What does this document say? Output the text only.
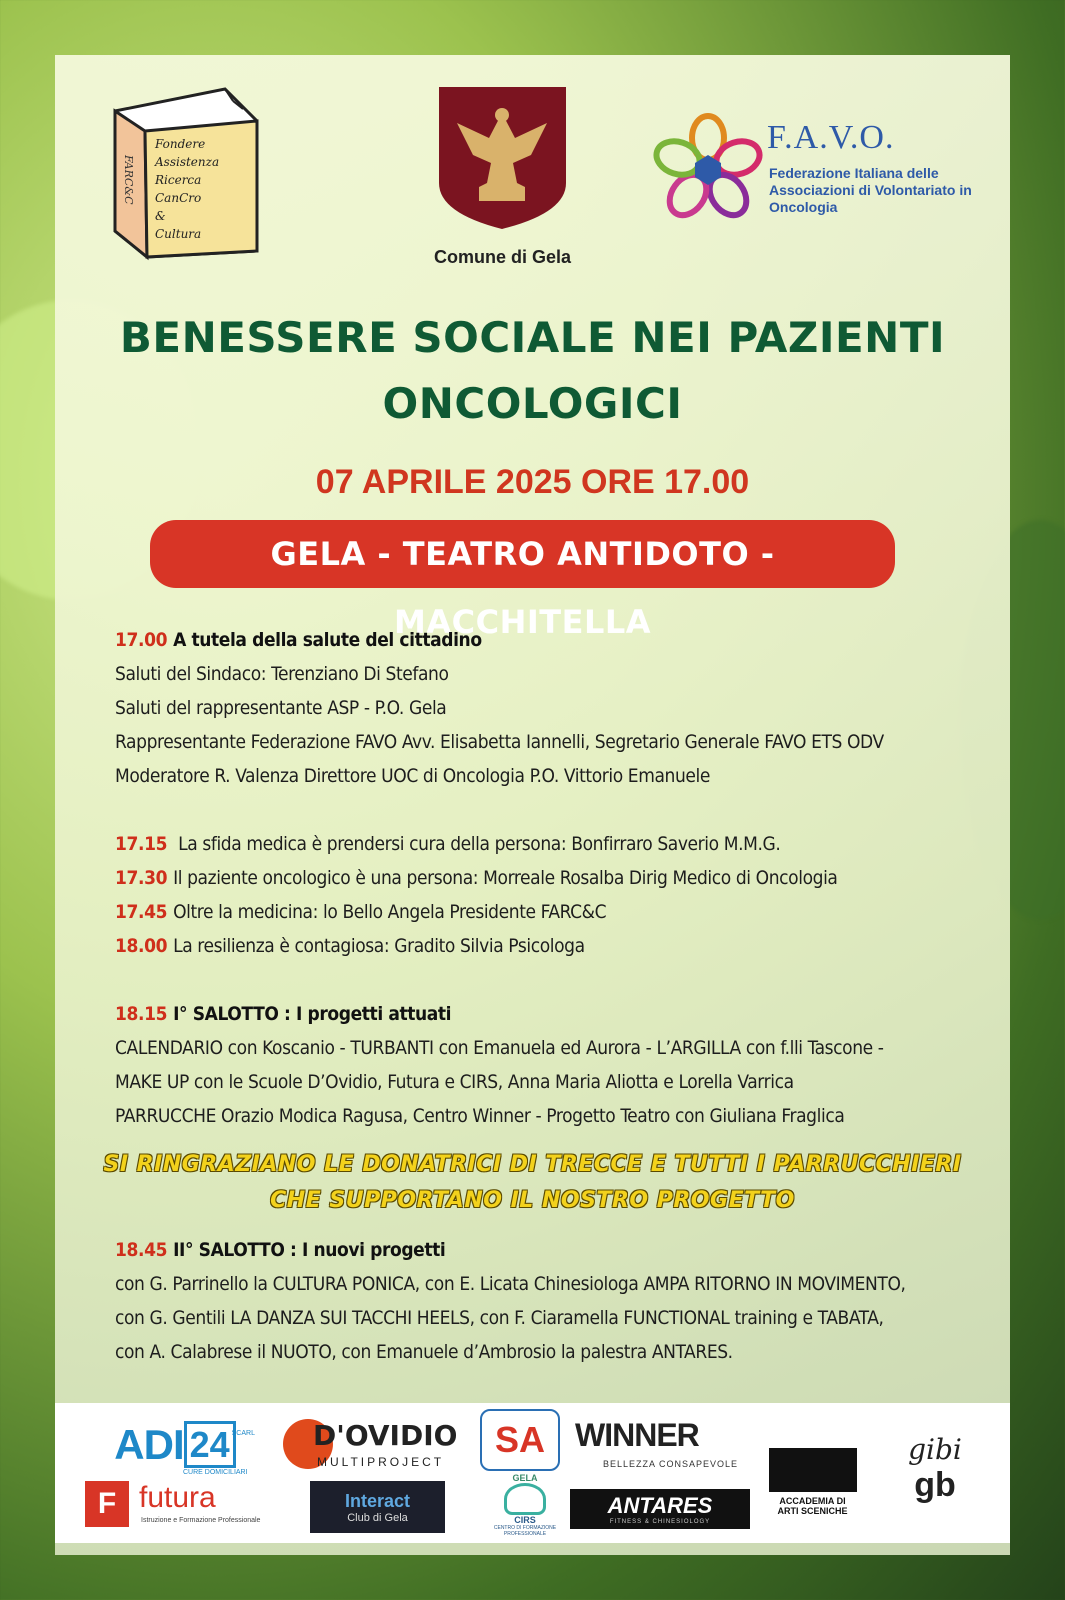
FARC&C
Fondere
Assistenza
Ricerca
CanCro
&
Cultura
Comune di Gela
F.A.V.O.
Federazione Italiana delle Associazioni di Volontariato in Oncologia
BENESSERE SOCIALE NEI PAZIENTI
ONCOLOGICI
07 APRILE 2025 ORE 17.00
GELA - TEATRO ANTIDOTO - MACCHITELLA
17.00 A tutela della salute del cittadino
Saluti del Sindaco: Terenziano Di Stefano
Saluti del rappresentante ASP - P.O. Gela
Rappresentante Federazione FAVO Avv. Elisabetta Iannelli, Segretario Generale FAVO ETS ODV
Moderatore R. Valenza Direttore UOC di Oncologia P.O. Vittorio Emanuele
17.15 La sfida medica è prendersi cura della persona: Bonfirraro Saverio M.M.G.
17.30 Il paziente oncologico è una persona: Morreale Rosalba Dirig Medico di Oncologia
17.45 Oltre la medicina: lo Bello Angela Presidente FARC&C
18.00 La resilienza è contagiosa: Gradito Silvia Psicologa
18.15 I° SALOTTO : I progetti attuati
CALENDARIO con Koscanio - TURBANTI con Emanuela ed Aurora - L’ARGILLA con f.lli Tascone -
MAKE UP con le Scuole D’Ovidio, Futura e CIRS, Anna Maria Aliotta e Lorella Varrica
PARRUCCHE Orazio Modica Ragusa, Centro Winner - Progetto Teatro con Giuliana Fraglica
SI RINGRAZIANO LE DONATRICI DI TRECCE E TUTTI I PARRUCCHIERI
CHE SUPPORTANO IL NOSTRO PROGETTO
18.45 II° SALOTTO : I nuovi progetti
con G. Parrinello la CULTURA PONICA, con E. Licata Chinesiologa AMPA RITORNO IN MOVIMENTO,
con G. Gentili LA DANZA SUI TACCHI HEELS, con F. Ciaramella FUNCTIONAL training e TABATA,
con A. Calabrese il NUOTO, con Emanuele d’Ambrosio la palestra ANTARES.
ADI 24 SCARL
CURE DOMICILIARI
D'OVIDIO
MULTIPROJECT
SA WINNER
BELLEZZA CONSAPEVOLE
ACCADEMIA DI
ARTI SCENICHE
gibi
gb
F futura
Istruzione e Formazione Professionale
Interact
Club di Gela
GELA
CIRS
CENTRO DI FORMAZIONE PROFESSIONALE
ANTARES
FITNESS & CHINESIOLOGY
